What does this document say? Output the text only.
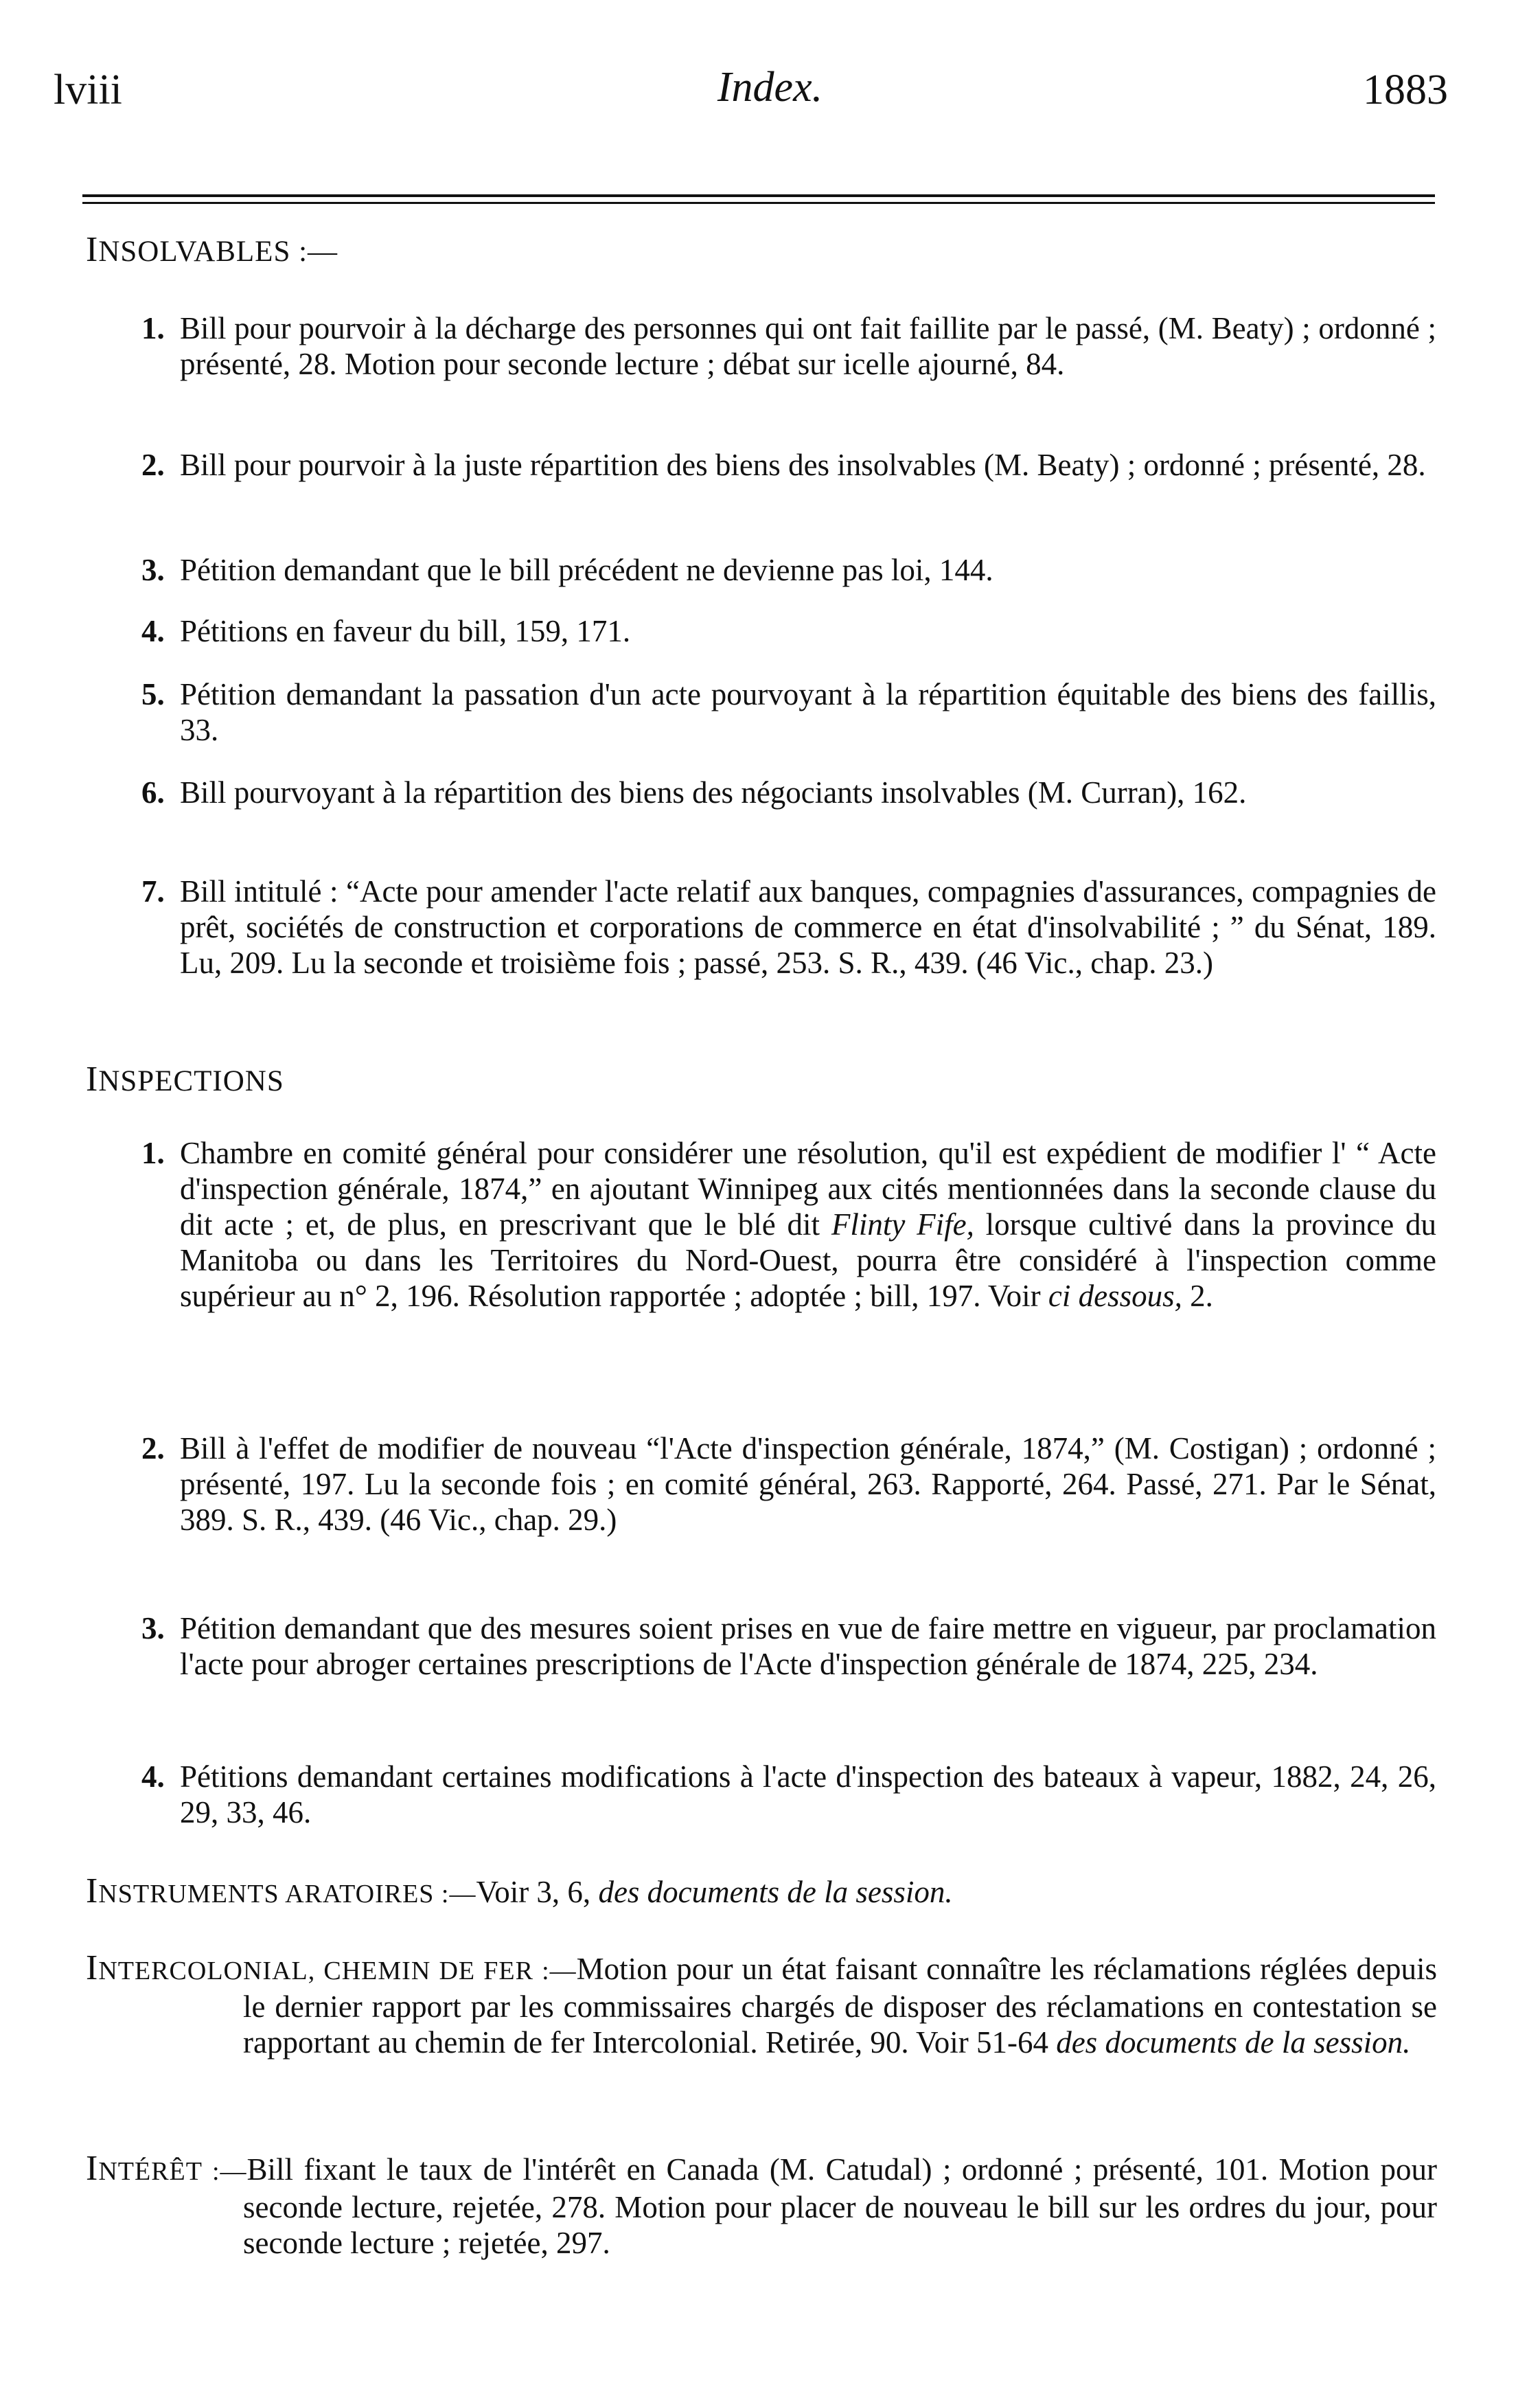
lviii	Index.	1883
INSOLVABLES :—
1. Bill pour pourvoir à la décharge des personnes qui ont fait faillite par le passé, (M. Beaty) ; ordonné ; présenté, 28. Motion pour seconde lecture ; débat sur icelle ajourné, 84.
2. Bill pour pourvoir à la juste répartition des biens des insolvables (M. Beaty) ; ordonné ; présenté, 28.
3. Pétition demandant que le bill précédent ne devienne pas loi, 144.
4. Pétitions en faveur du bill, 159, 171.
5. Pétition demandant la passation d'un acte pourvoyant à la répartition équitable des biens des faillis, 33.
6. Bill pourvoyant à la répartition des biens des négociants insolvables (M. Curran), 162.
7. Bill intitulé : “Acte pour amender l'acte relatif aux banques, compagnies d'assurances, compagnies de prêt, sociétés de construction et corporations de commerce en état d'insolvabilité ; ” du Sénat, 189. Lu, 209. Lu la seconde et troisième fois ; passé, 253. S. R., 439. (46 Vic., chap. 23.)
INSPECTIONS
1. Chambre en comité général pour considérer une résolution, qu'il est expédient de modifier l' “ Acte d'inspection générale, 1874,” en ajoutant Winnipeg aux cités mentionnées dans la seconde clause du dit acte ; et, de plus, en prescrivant que le blé dit Flinty Fife, lorsque cultivé dans la province du Manitoba ou dans les Territoires du Nord-Ouest, pourra être considéré à l'inspection comme supérieur au n° 2, 196. Résolution rapportée ; adoptée ; bill, 197. Voir ci dessous, 2.
2. Bill à l'effet de modifier de nouveau “l'Acte d'inspection générale, 1874,” (M. Costigan) ; ordonné ; présenté, 197. Lu la seconde fois ; en comité général, 263. Rapporté, 264. Passé, 271. Par le Sénat, 389. S. R., 439. (46 Vic., chap. 29.)
3. Pétition demandant que des mesures soient prises en vue de faire mettre en vigueur, par proclamation l'acte pour abroger certaines prescriptions de l'Acte d'inspection générale de 1874, 225, 234.
4. Pétitions demandant certaines modifications à l'acte d'inspection des bateaux à vapeur, 1882, 24, 26, 29, 33, 46.
INSTRUMENTS ARATOIRES :—Voir 3, 6, des documents de la session.
INTERCOLONIAL, CHEMIN DE FER :—Motion pour un état faisant connaître les réclamations réglées depuis le dernier rapport par les commissaires chargés de disposer des réclamations en contestation se rapportant au chemin de fer Intercolonial. Retirée, 90. Voir 51-64 des documents de la session.
INTÉRÊT :—Bill fixant le taux de l'intérêt en Canada (M. Catudal) ; ordonné ; présenté, 101. Motion pour seconde lecture, rejetée, 278. Motion pour placer de nouveau le bill sur les ordres du jour, pour seconde lecture ; rejetée, 297.
